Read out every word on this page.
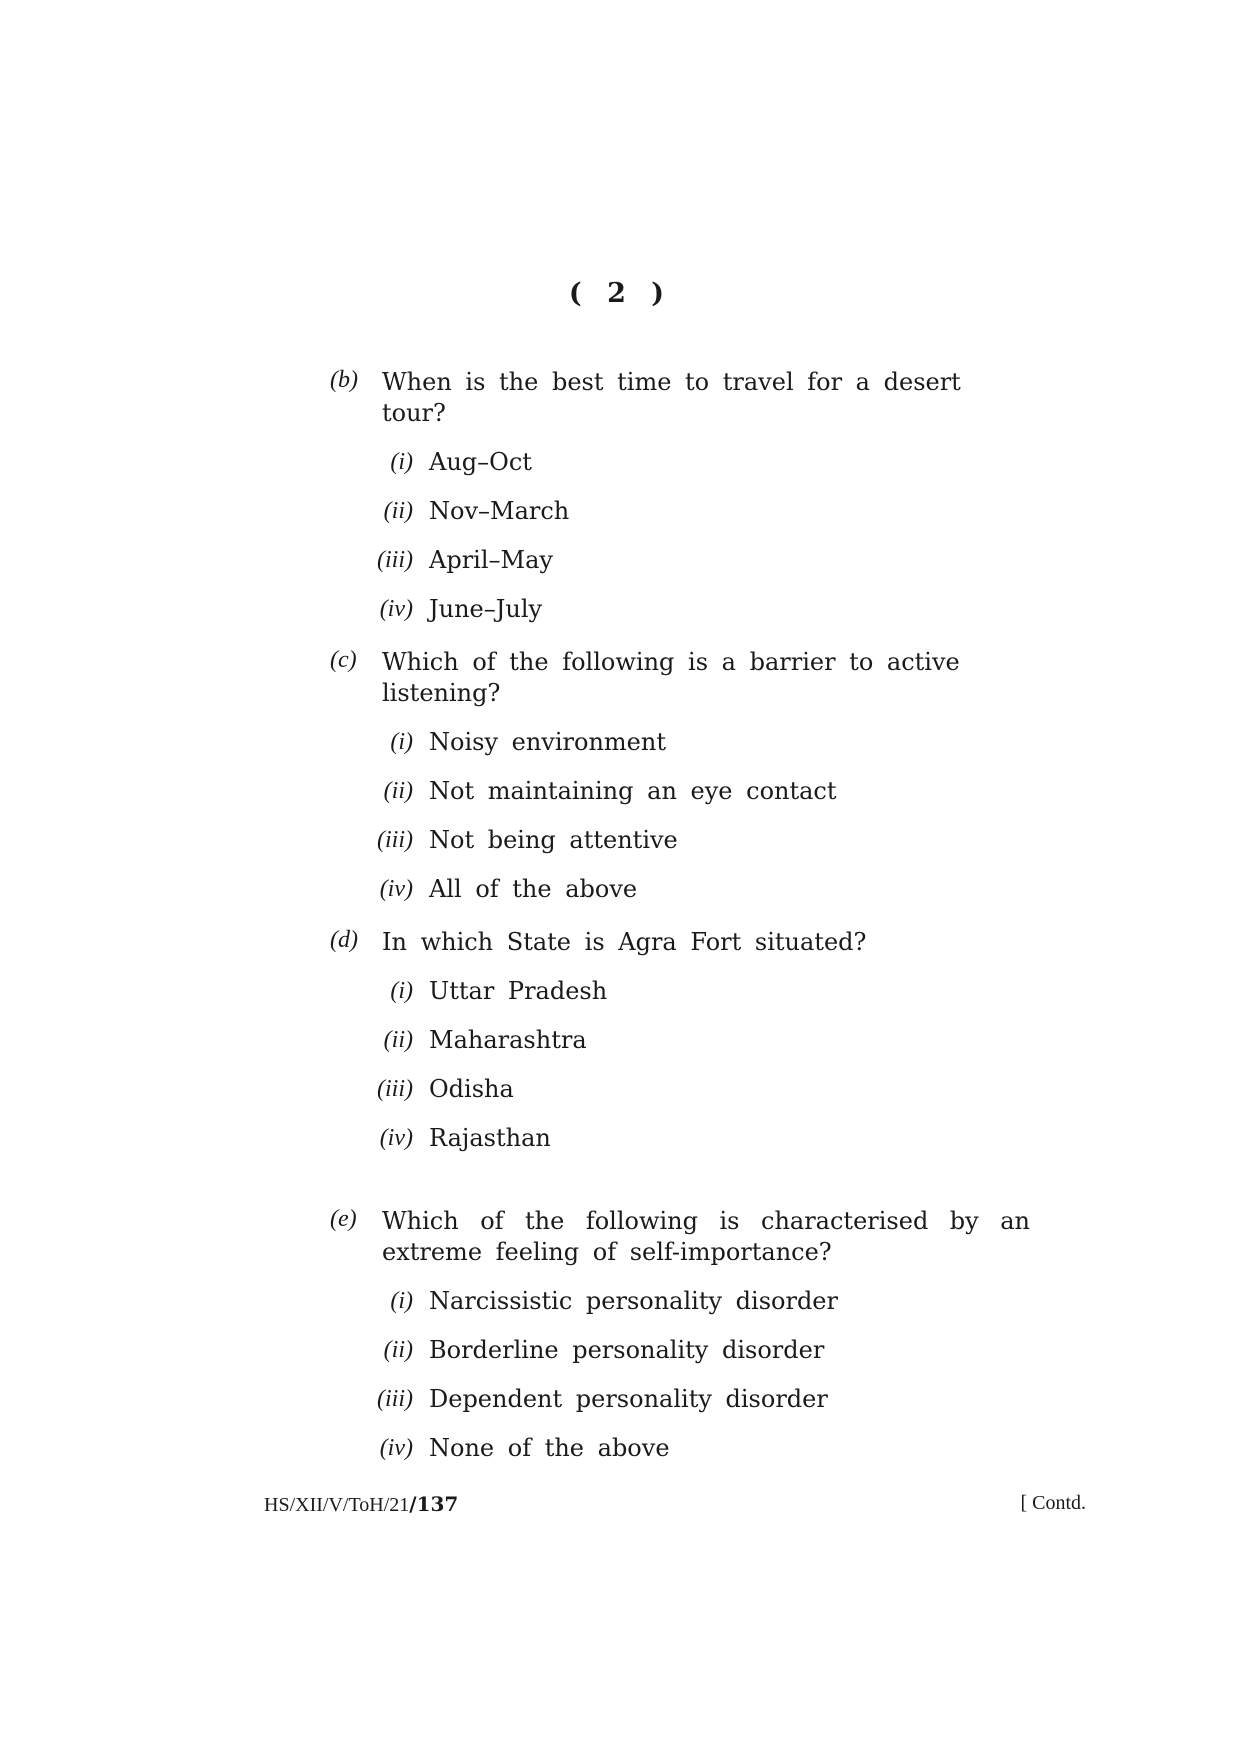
( 2 )
(b) When is the best time to travel for a desert tour?
(i) Aug–Oct
(ii) Nov–March
(iii) April–May
(iv) June–July
(c) Which of the following is a barrier to active listening?
(i) Noisy environment
(ii) Not maintaining an eye contact
(iii) Not being attentive
(iv) All of the above
(d) In which State is Agra Fort situated?
(i) Uttar Pradesh
(ii) Maharashtra
(iii) Odisha
(iv) Rajasthan
(e) Which of the following is characterised by an extreme feeling of self-importance?
(i) Narcissistic personality disorder
(ii) Borderline personality disorder
(iii) Dependent personality disorder
(iv) None of the above
HS/XII/V/ToH/21/137	[ Contd.
